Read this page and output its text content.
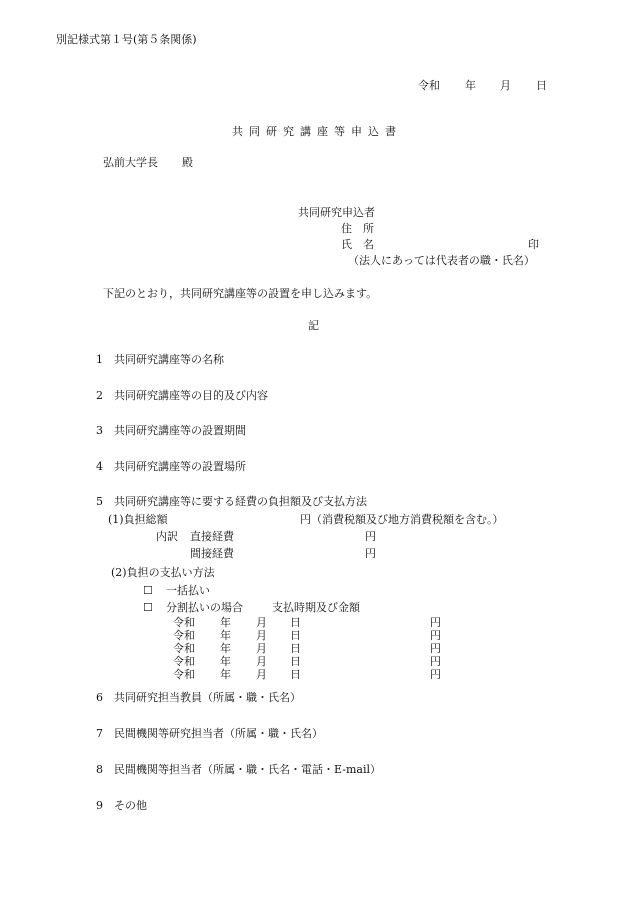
別記様式第１号(第５条関係)
令和 年 月 日
共同研究講座等申込書
弘前大学長 殿
共同研究申込者
住　所
氏　名	印
（法人にあっては代表者の職・氏名）
下記のとおり，共同研究講座等の設置を申し込みます。
記
1 共同研究講座等の名称
2 共同研究講座等の目的及び内容
3 共同研究講座等の設置期間
4 共同研究講座等の設置場所
5 共同研究講座等に要する経費の負担額及び支払方法
(1)負担総額	円（消費税額及び地方消費税額を含む。）
内訳 直接経費	円
間接経費	円
(2)負担の支払い方法
☐ 一括払い
☐ 分割払いの場合	支払時期及び金額
令和 年 月 日	円
令和 年 月 日	円
令和 年 月 日	円
令和 年 月 日	円
令和 年 月 日	円
6 共同研究担当教員（所属・職・氏名）
7 民間機関等研究担当者（所属・職・氏名）
8 民間機関等担当者（所属・職・氏名・電話・E-mail）
9 その他
